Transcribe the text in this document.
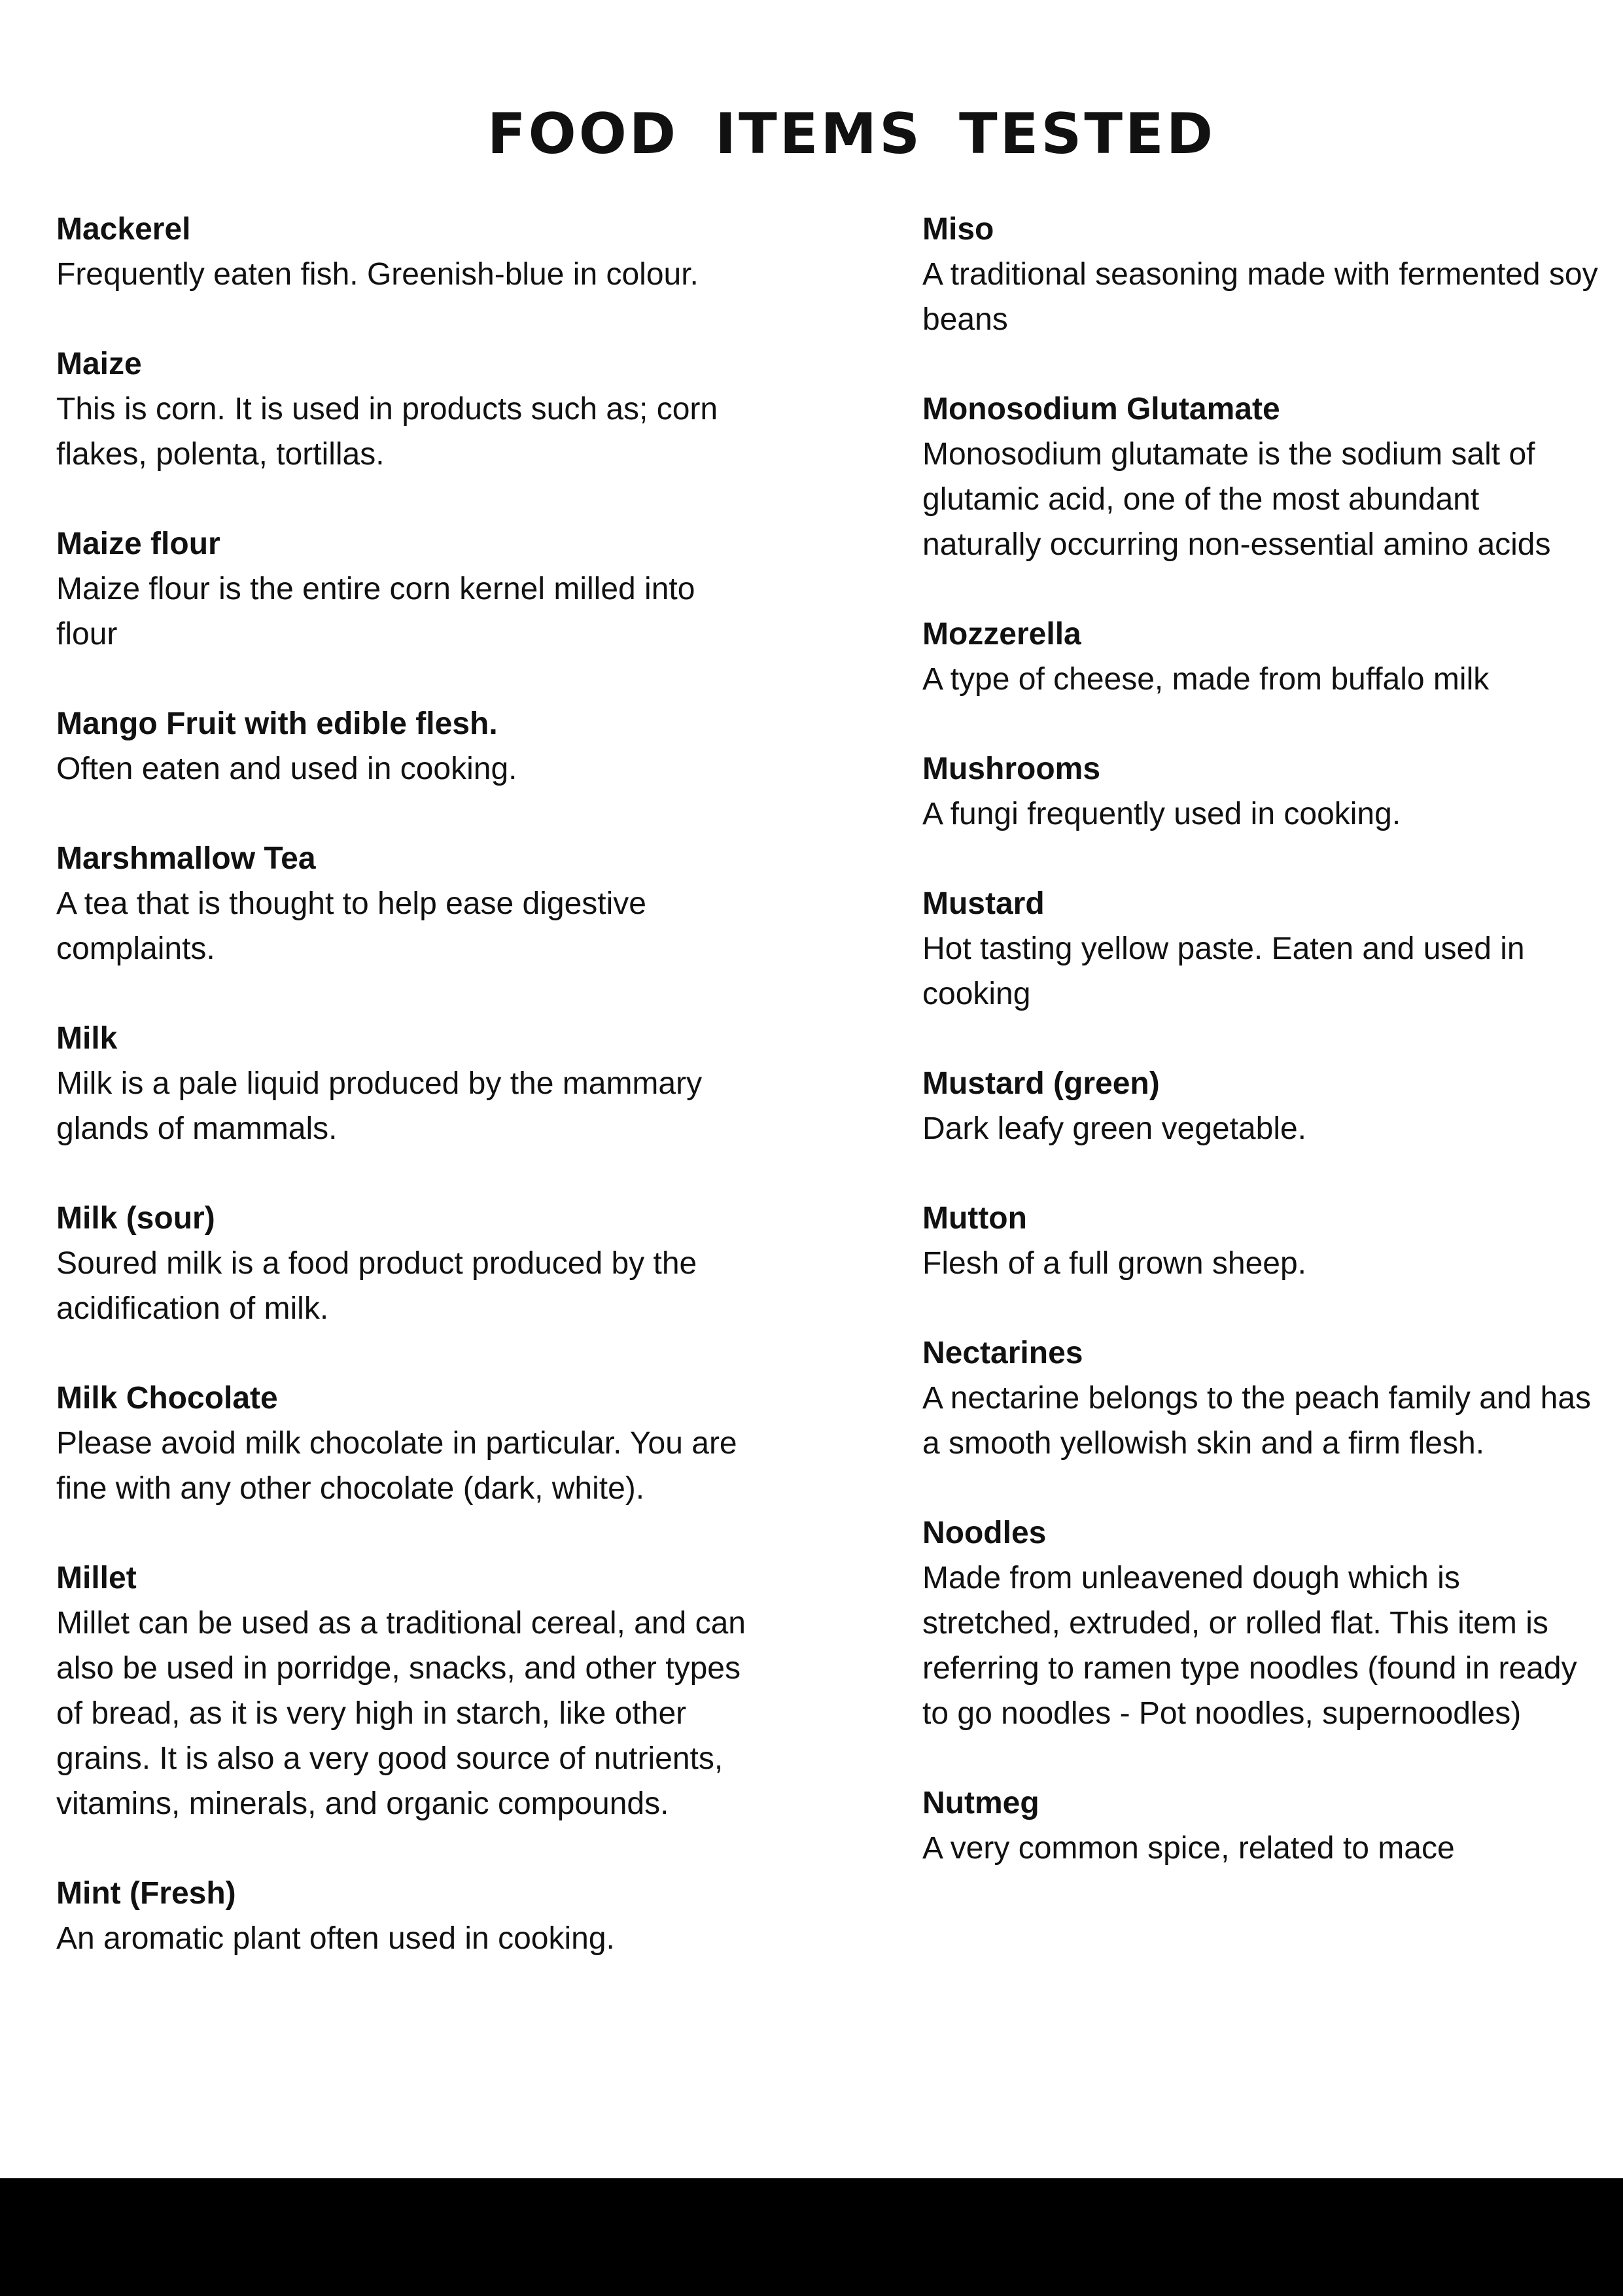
FOOD ITEMS TESTED
Mackerel
Frequently eaten fish. Greenish-blue in colour.
Maize
This is corn. It is used in products such as; corn flakes, polenta, tortillas.
Maize flour
Maize flour is the entire corn kernel milled into flour
Mango Fruit with edible flesh.
Often eaten and used in cooking.
Marshmallow Tea
A tea that is thought to help ease digestive complaints.
Milk
Milk is a pale liquid produced by the mammary glands of mammals.
Milk (sour)
Soured milk is a food product produced by the acidification of milk.
Milk Chocolate
Please avoid milk chocolate in particular. You are fine with any other chocolate (dark, white).
Millet
Millet can be used as a traditional cereal, and can also be used in porridge, snacks, and other types of bread, as it is very high in starch, like other grains. It is also a very good source of nutrients, vitamins, minerals, and organic compounds.
Mint (Fresh)
An aromatic plant often used in cooking.
Miso
A traditional seasoning made with fermented soy beans
Monosodium Glutamate
Monosodium glutamate is the sodium salt of glutamic acid, one of the most abundant naturally occurring non-essential amino acids
Mozzerella
A type of cheese, made from buffalo milk
Mushrooms
A fungi frequently used in cooking.
Mustard
Hot tasting yellow paste. Eaten and used in cooking
Mustard (green)
Dark leafy green vegetable.
Mutton
Flesh of a full grown sheep.
Nectarines
A nectarine belongs to the peach family and has a smooth yellowish skin and a firm flesh.
Noodles
Made from unleavened dough which is stretched, extruded, or rolled flat. This item is referring to ramen type noodles (found in ready to go noodles - Pot noodles, supernoodles)
Nutmeg
A very common spice, related to mace
